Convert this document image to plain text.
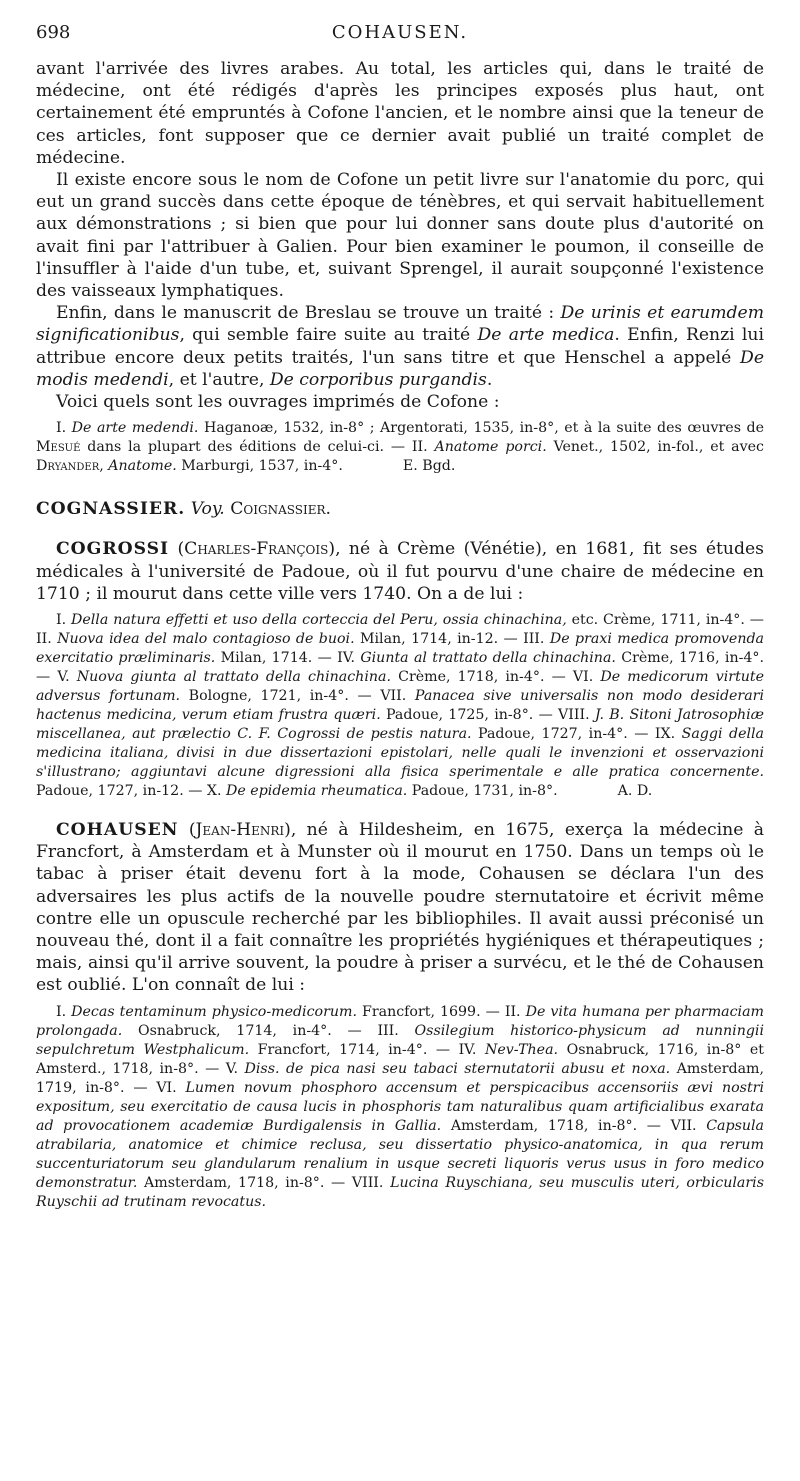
698	COHAUSEN.

avant l'arrivée des livres arabes. Au total, les articles qui, dans le traité de médecine, ont été rédigés d'après les principes exposés plus haut, ont certainement été empruntés à Cofone l'ancien, et le nombre ainsi que la teneur de ces articles, font supposer que ce dernier avait publié un traité complet de médecine.

Il existe encore sous le nom de Cofone un petit livre sur l'anatomie du porc, qui eut un grand succès dans cette époque de ténèbres, et qui servait habituellement aux démonstrations ; si bien que pour lui donner sans doute plus d'autorité on avait fini par l'attribuer à Galien. Pour bien examiner le poumon, il conseille de l'insuffler à l'aide d'un tube, et, suivant Sprengel, il aurait soupçonné l'existence des vaisseaux lymphatiques.

Enfin, dans le manuscrit de Breslau se trouve un traité : De urinis et earumdem significationibus, qui semble faire suite au traité De arte medica. Enfin, Renzi lui attribue encore deux petits traités, l'un sans titre et que Henschel a appelé De modis medendi, et l'autre, De corporibus purgandis.

Voici quels sont les ouvrages imprimés de Cofone :

I. De arte medendi. Haganoæ, 1532, in-8° ; Argentorati, 1535, in-8°, et à la suite des œuvres de Mesué dans la plupart des éditions de celui-ci. — II. Anatome porci. Venet., 1502, in-fol., et avec Dryander, Anatome. Marburgi, 1537, in-4°.	E. Bgd.

COGNASSIER. Voy. Coignassier.

COGROSSI (Charles-François), né à Crème (Vénétie), en 1681, fit ses études médicales à l'université de Padoue, où il fut pourvu d'une chaire de médecine en 1710 ; il mourut dans cette ville vers 1740. On a de lui :

I. Della natura effetti et uso della corteccia del Peru, ossia chinachina, etc. Crème, 1711, in-4°. — II. Nuova idea del malo contagioso de buoi. Milan, 1714, in-12. — III. De praxi medica promovenda exercitatio præliminaris. Milan, 1714. — IV. Giunta al trattato della chinachina. Crème, 1716, in-4°. — V. Nuova giunta al trattato della chinachina. Crème, 1718, in-4°. — VI. De medicorum virtute adversus fortunam. Bologne, 1721, in-4°. — VII. Panacea sive universalis non modo desiderari hactenus medicina, verum etiam frustra quæri. Padoue, 1725, in-8°. — VIII. J. B. Sitoni Jatrosophiæ miscellanea, aut prælectio C. F. Cogrossi de pestis natura. Padoue, 1727, in-4°. — IX. Saggi della medicina italiana, divisi in due dissertazioni epistolari, nelle quali le invenzioni et osservazioni s'illustrano; aggiuntavi alcune digressioni alla fisica sperimentale e alle pratica concernente. Padoue, 1727, in-12. — X. De epidemia rheumatica. Padoue, 1731, in-8°.	A. D.

COHAUSEN (Jean-Henri), né à Hildesheim, en 1675, exerça la médecine à Francfort, à Amsterdam et à Munster où il mourut en 1750. Dans un temps où le tabac à priser était devenu fort à la mode, Cohausen se déclara l'un des adversaires les plus actifs de la nouvelle poudre sternutatoire et écrivit même contre elle un opuscule recherché par les bibliophiles. Il avait aussi préconisé un nouveau thé, dont il a fait connaître les propriétés hygiéniques et thérapeutiques ; mais, ainsi qu'il arrive souvent, la poudre à priser a survécu, et le thé de Cohausen est oublié. L'on connaît de lui :

I. Decas tentaminum physico-medicorum. Francfort, 1699. — II. De vita humana per pharmaciam prolongada. Osnabruck, 1714, in-4°. — III. Ossilegium historico-physicum ad nunningii sepulchretum Westphalicum. Francfort, 1714, in-4°. — IV. Nev-Thea. Osnabruck, 1716, in-8° et Amsterd., 1718, in-8°. — V. Diss. de pica nasi seu tabaci sternutatorii abusu et noxa. Amsterdam, 1719, in-8°. — VI. Lumen novum phosphoro accensum et perspicacibus accensoriis ævi nostri expositum, seu exercitatio de causa lucis in phosphoris tam naturalibus quam artificialibus exarata ad provocationem academiæ Burdigalensis in Gallia. Amsterdam, 1718, in-8°. — VII. Capsula atrabilaria, anatomice et chimice reclusa, seu dissertatio physico-anatomica, in qua rerum succenturiatorum seu glandularum renalium in usque secreti liquoris verus usus in foro medico demonstratur. Amsterdam, 1718, in-8°. — VIII. Lucina Ruyschiana, seu musculis uteri, orbicularis Ruyschii ad trutinam revocatus.
